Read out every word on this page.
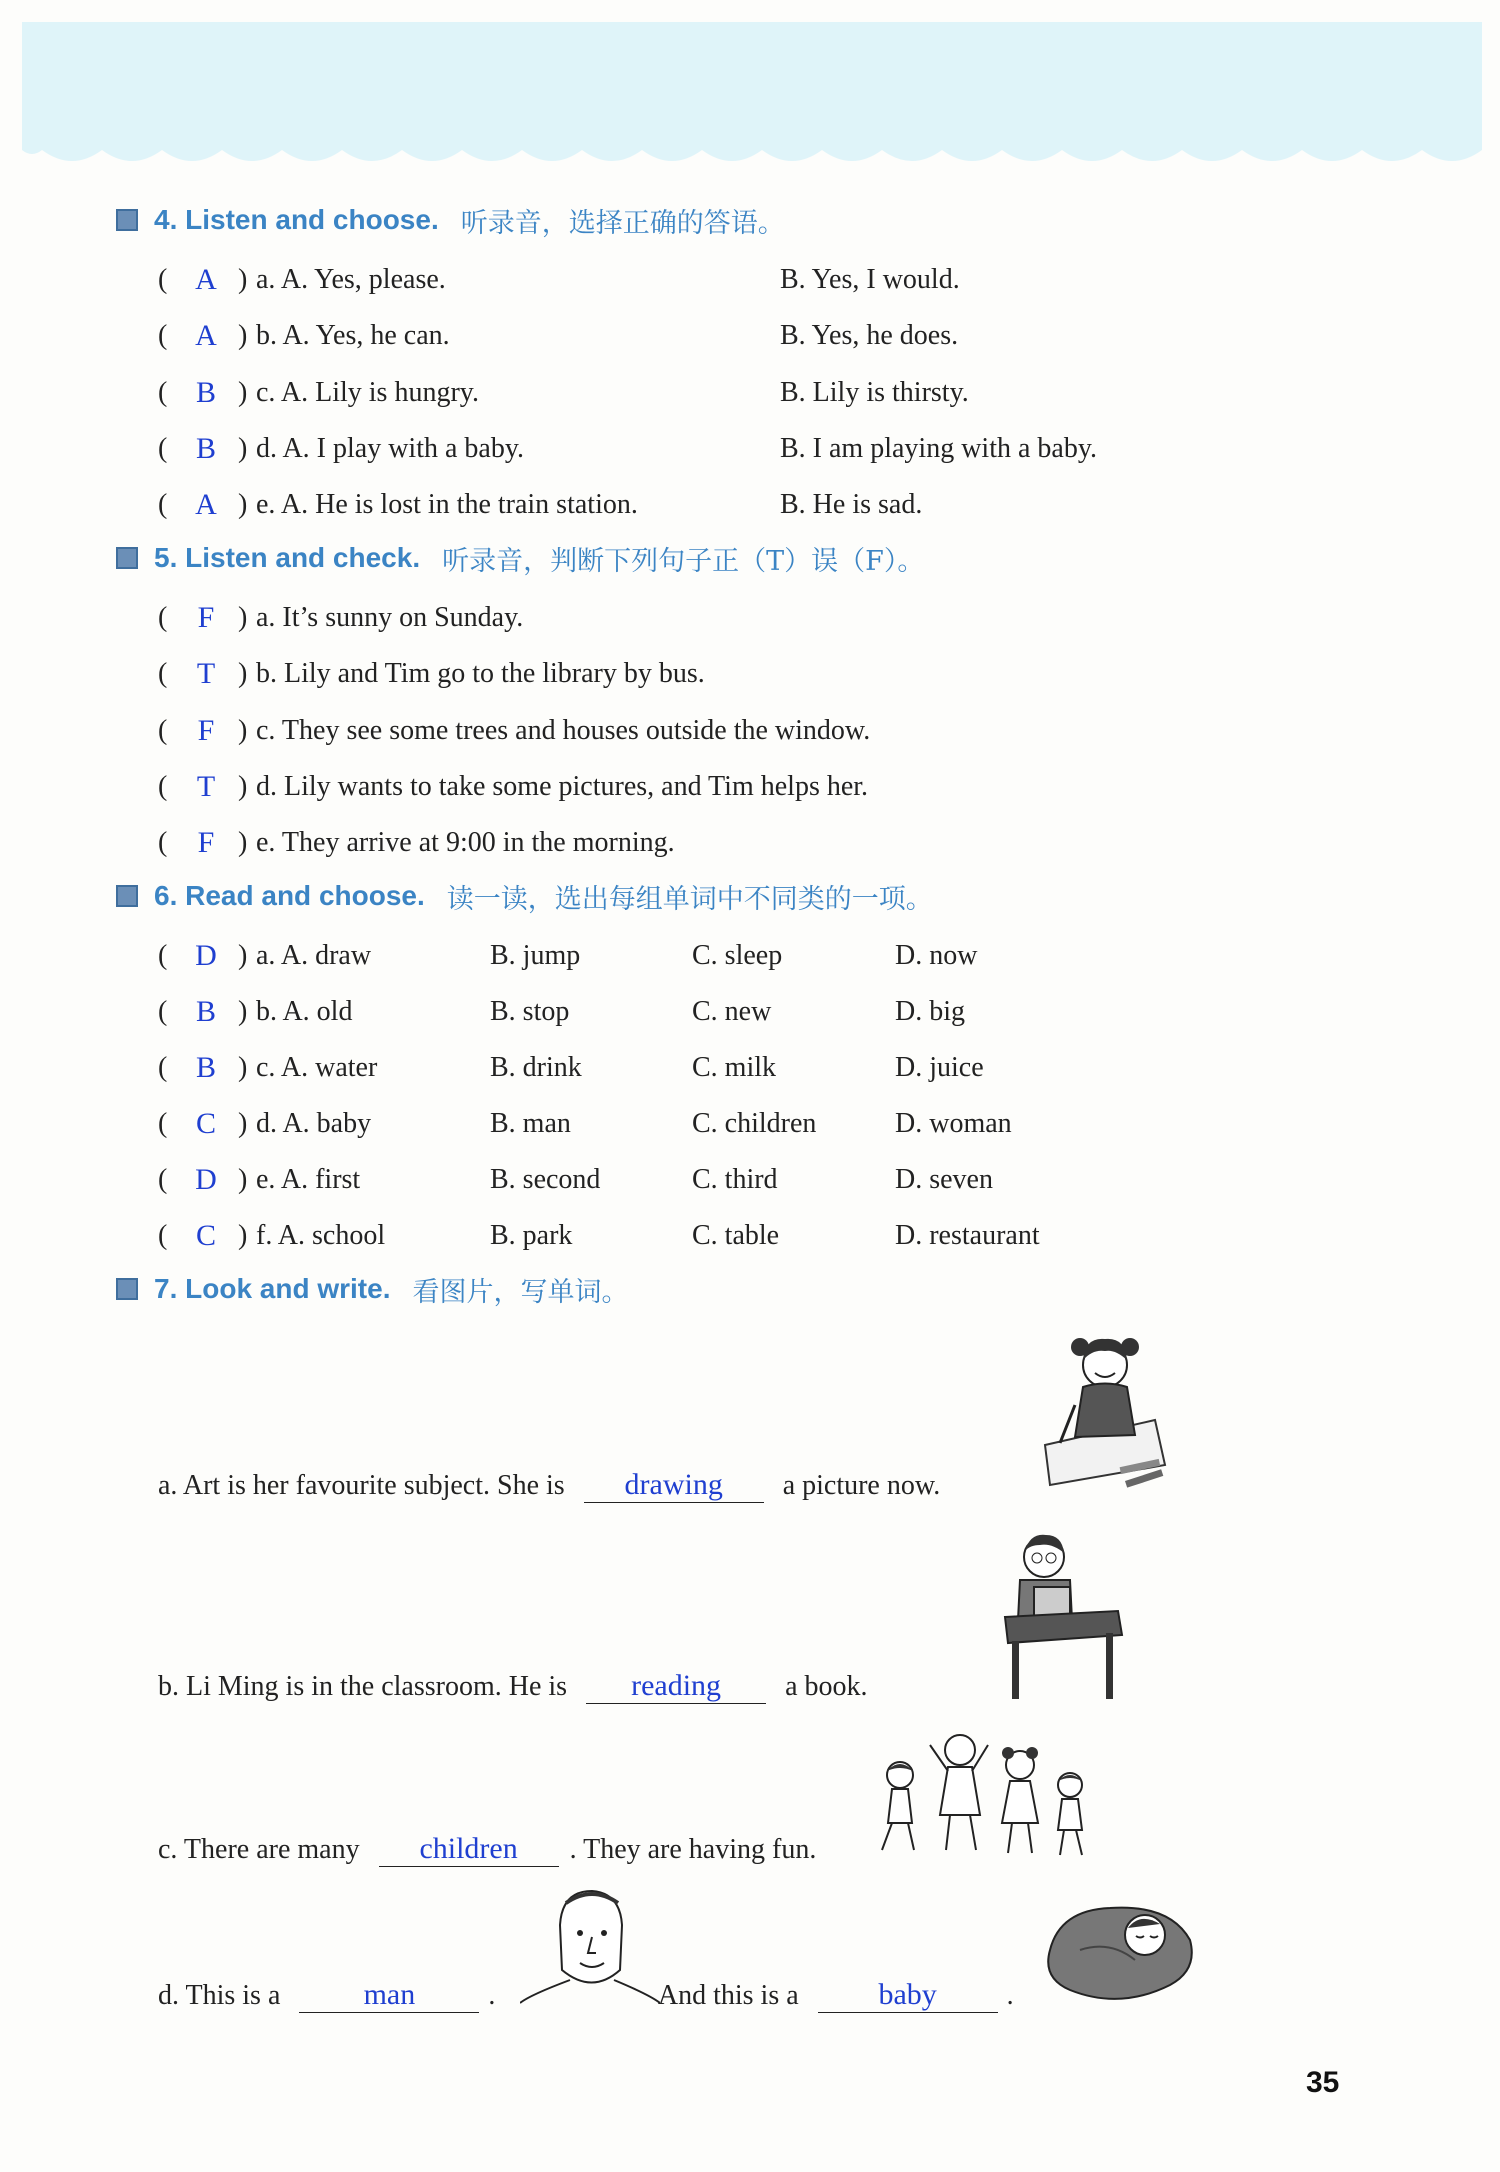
4. Listen and choose. 听录音，选择正确的答语。
( A ) a. A. Yes, please.	B. Yes, I would.
( A ) b. A. Yes, he can.	B. Yes, he does.
( B ) c. A. Lily is hungry.	B. Lily is thirsty.
( B ) d. A. I play with a baby.	B. I am playing with a baby.
( A ) e. A. He is lost in the train station.	B. He is sad.
5. Listen and check. 听录音，判断下列句子正（T）误（F）。
(	F ) a. It’s sunny on Sunday.
( T ) b. Lily and Tim go to the library by bus.
(	F ) c. They see some trees and houses outside the window.
( T ) d. Lily wants to take some pictures, and Tim helps her.
(	F ) e. They arrive at 9:00 in the morning.
6. Read and choose. 读一读，选出每组单词中不同类的一项。
( D ) a. A. draw	B. jump	C. sleep	D. now
( B ) b. A. old	B. stop	C. new	D. big
( B ) c. A. water	B. drink	C. milk	D. juice
( C ) d. A. baby	B. man	C. children	D. woman
( D ) e. A. first	B. second	C. third	D. seven
( C ) f. A. school	B. park	C. table	D. restaurant
7. Look and write. 看图片，写单词。
a. Art is her favourite subject. She is drawing a picture now.
b. Li Ming is in the classroom. He is reading a book.
c. There are many children . They are having fun.
d. This is a	man	.	And this is a	baby .
35
